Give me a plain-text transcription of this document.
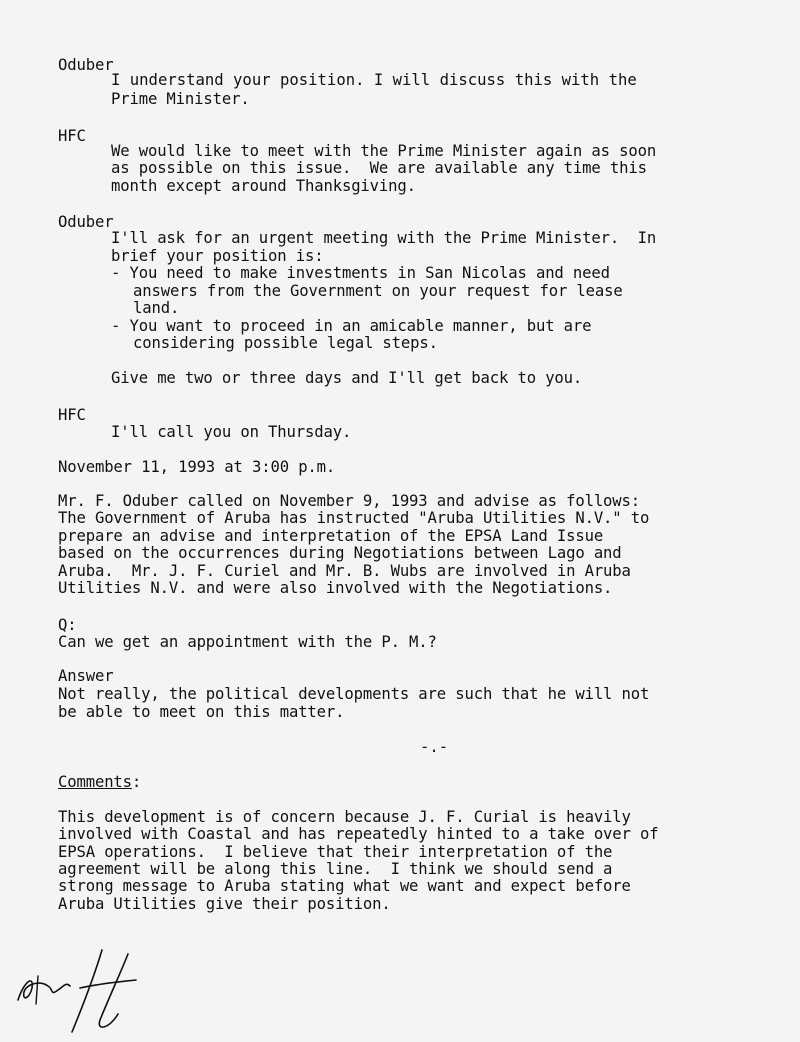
Oduber
I understand your position. I will discuss this with the
Prime Minister.
HFC
We would like to meet with the Prime Minister again as soon
as possible on this issue.  We are available any time this
month except around Thanksgiving.
Oduber
I'll ask for an urgent meeting with the Prime Minister.  In
brief your position is:
- You need to make investments in San Nicolas and need
answers from the Government on your request for lease
land.
- You want to proceed in an amicable manner, but are
considering possible legal steps.
Give me two or three days and I'll get back to you.
HFC
I'll call you on Thursday.
November 11, 1993 at 3:00 p.m.
Mr. F. Oduber called on November 9, 1993 and advise as follows:
The Government of Aruba has instructed "Aruba Utilities N.V." to
prepare an advise and interpretation of the EPSA Land Issue
based on the occurrences during Negotiations between Lago and
Aruba.  Mr. J. F. Curiel and Mr. B. Wubs are involved in Aruba
Utilities N.V. and were also involved with the Negotiations.
Q:
Can we get an appointment with the P. M.?
Answer
Not really, the political developments are such that he will not
be able to meet on this matter.
-.-
Comments:
This development is of concern because J. F. Curial is heavily
involved with Coastal and has repeatedly hinted to a take over of
EPSA operations.  I believe that their interpretation of the
agreement will be along this line.  I think we should send a
strong message to Aruba stating what we want and expect before
Aruba Utilities give their position.
